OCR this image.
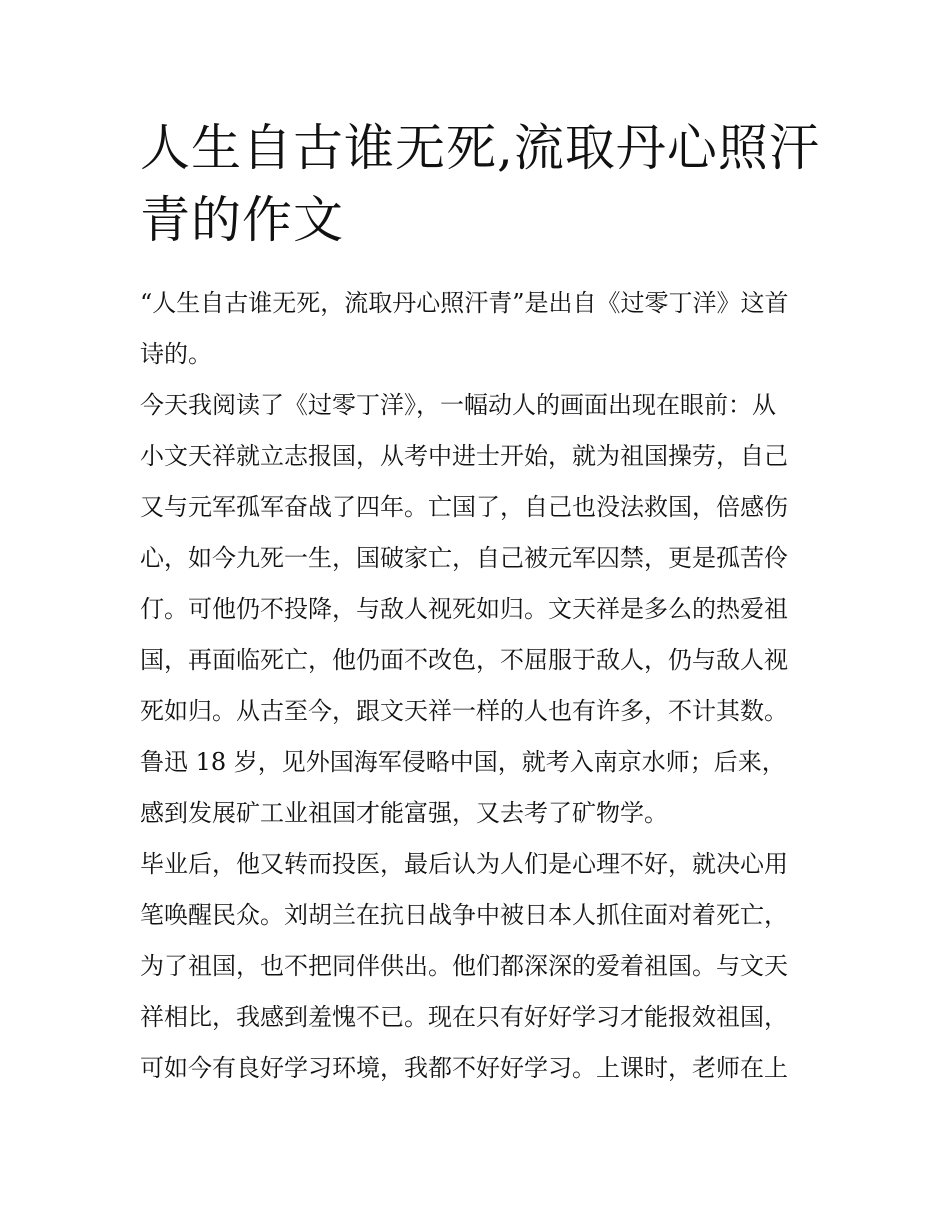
人生自古谁无死,流取丹心照汗
青的作文
“人生自古谁无死，流取丹心照汗青”是出自《过零丁洋》这首
诗的。
今天我阅读了《过零丁洋》，一幅动人的画面出现在眼前：从
小文天祥就立志报国，从考中进士开始，就为祖国操劳，自己
又与元军孤军奋战了四年。亡国了，自己也没法救国，倍感伤
心，如今九死一生，国破家亡，自己被元军囚禁，更是孤苦伶
仃。可他仍不投降，与敌人视死如归。文天祥是多么的热爱祖
国，再面临死亡，他仍面不改色，不屈服于敌人，仍与敌人视
死如归。从古至今，跟文天祥一样的人也有许多，不计其数。
鲁迅 18 岁，见外国海军侵略中国，就考入南京水师；后来，
感到发展矿工业祖国才能富强，又去考了矿物学。
毕业后，他又转而投医，最后认为人们是心理不好，就决心用
笔唤醒民众。刘胡兰在抗日战争中被日本人抓住面对着死亡，
为了祖国，也不把同伴供出。他们都深深的爱着祖国。与文天
祥相比，我感到羞愧不已。现在只有好好学习才能报效祖国，
可如今有良好学习环境，我都不好好学习。上课时，老师在上
